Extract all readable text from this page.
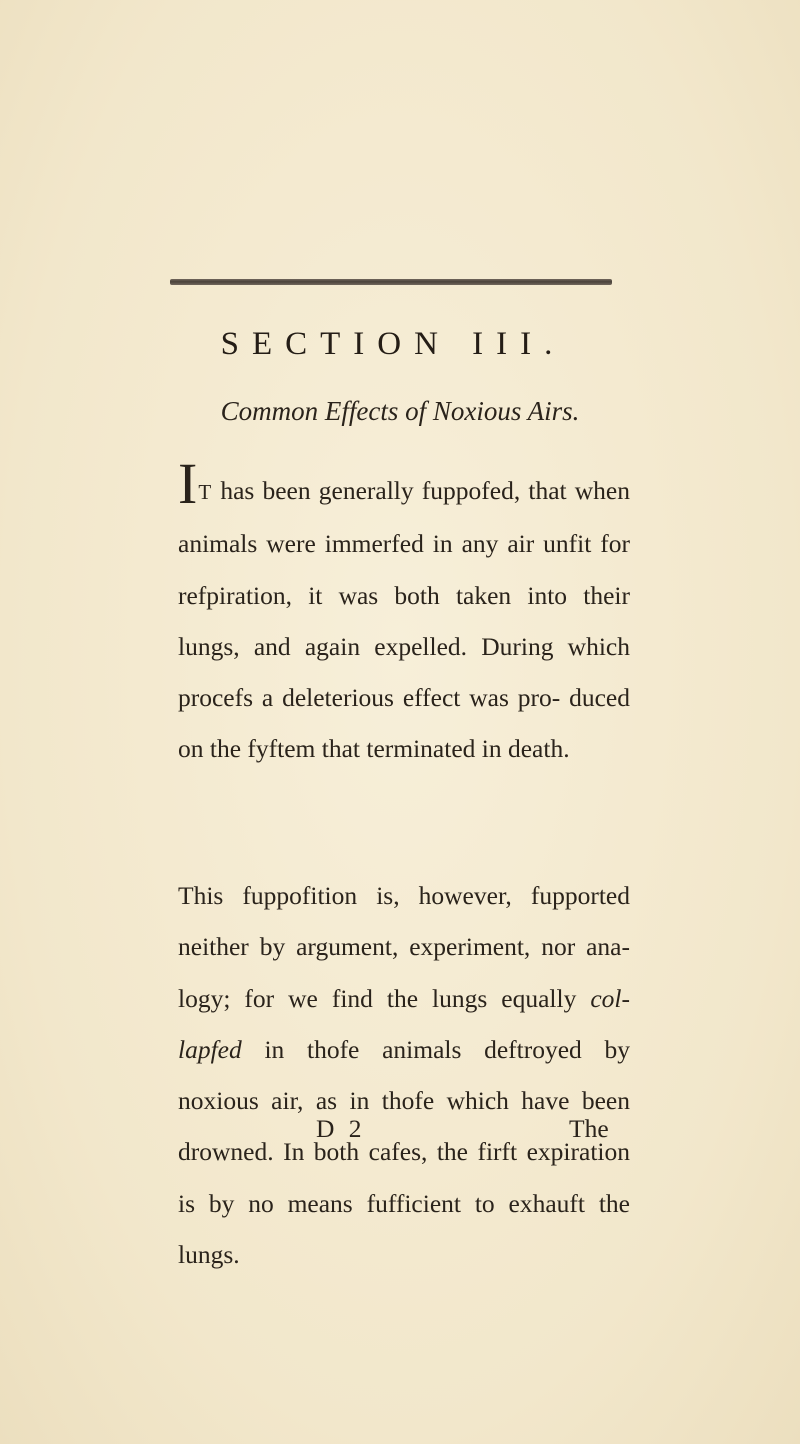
SECTION III.
Common Effects of Noxious Airs.

IT has been generally fuppofed, that when animals were immerfed in any air unfit for refpiration, it was both taken into their lungs, and again expelled. During which procefs a deleterious effect was pro- duced on the fyftem that terminated in death.

This fuppofition is, however, fupported neither by argument, experiment, nor ana- logy; for we find the lungs equally col- lapfed in thofe animals deftroyed by noxious air, as in thofe which have been drowned. In both cafes, the firft expiration is by no means fufficient to exhauft the lungs.

D 2	The
